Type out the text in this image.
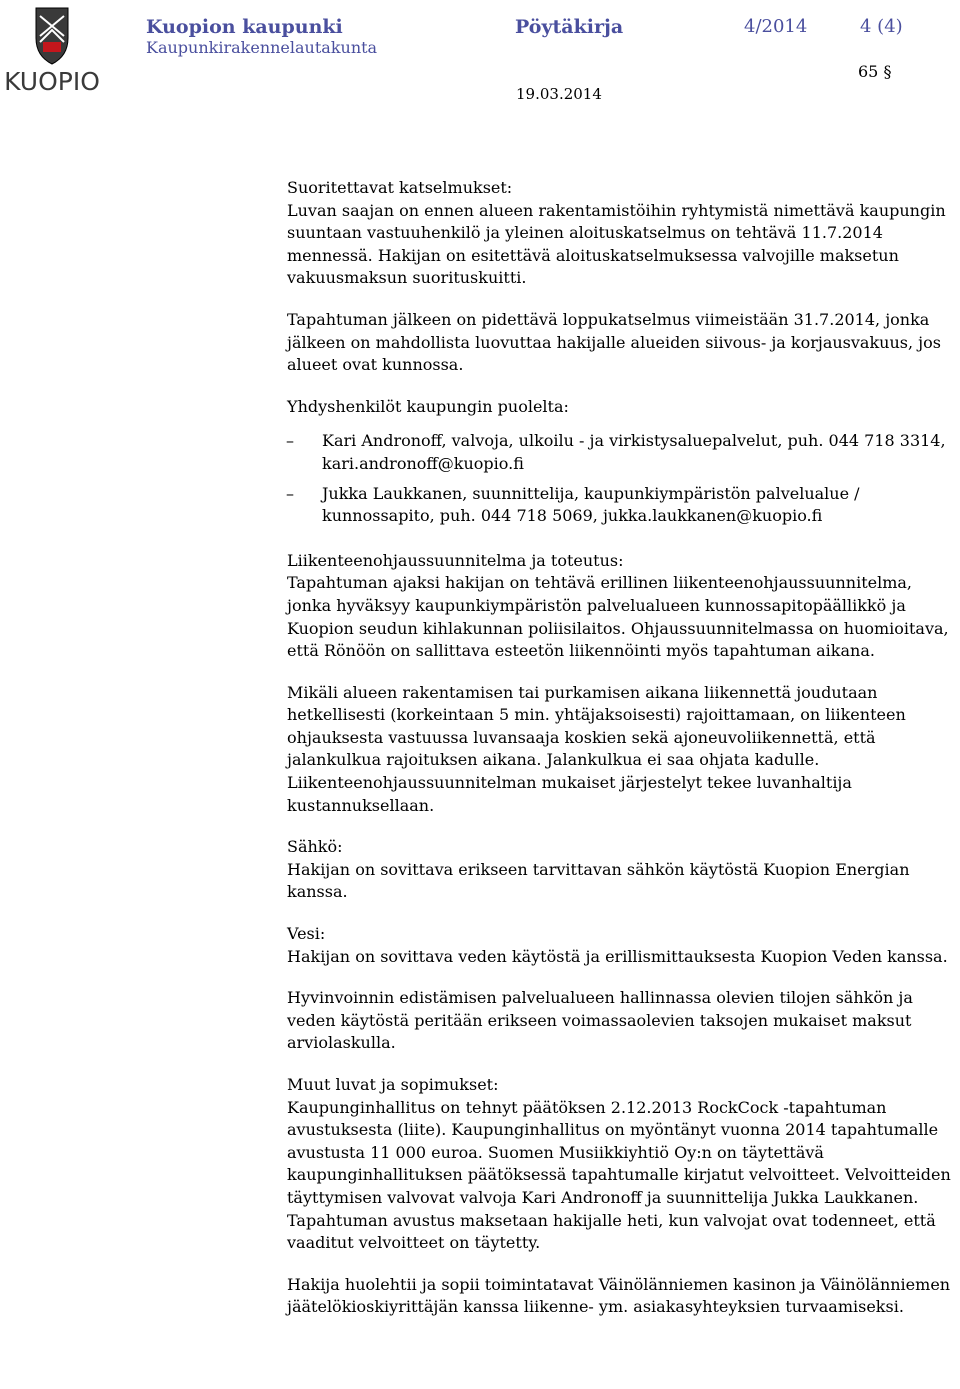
KUOPIO
Kuopion kaupunki
Kaupunkirakennelautakunta
Pöytäkirja	4/2014	4 (4)
65 §
19.03.2014

Suoritettavat katselmukset:
Luvan saajan on ennen alueen rakentamistöihin ryhtymistä nimettävä kaupungin suuntaan vastuuhenkilö ja yleinen aloituskatselmus on tehtävä 11.7.2014 mennessä. Hakijan on esitettävä aloituskatselmuksessa valvojille maksetun vakuusmaksun suorituskuitti.

Tapahtuman jälkeen on pidettävä loppukatselmus viimeistään 31.7.2014, jonka jälkeen on mahdollista luovuttaa hakijalle alueiden siivous- ja korjausvakuus, jos alueet ovat kunnossa.

Yhdyshenkilöt kaupungin puolelta:

– Kari Andronoff, valvoja, ulkoilu - ja virkistysaluepalvelut, puh. 044 718 3314, kari.andronoff@kuopio.fi
– Jukka Laukkanen, suunnittelija, kaupunkiympäristön palvelualue / kunnossapito, puh. 044 718 5069, jukka.laukkanen@kuopio.fi

Liikenteenohjaussuunnitelma ja toteutus:
Tapahtuman ajaksi hakijan on tehtävä erillinen liikenteenohjaussuunnitelma, jonka hyväksyy kaupunkiympäristön palvelualueen kunnossapitopäällikkö ja Kuopion seudun kihlakunnan poliisilaitos. Ohjaussuunnitelmassa on huomioitava, että Rönöön on sallittava esteetön liikennöinti myös tapahtuman aikana.

Mikäli alueen rakentamisen tai purkamisen aikana liikennettä joudutaan hetkellisesti (korkeintaan 5 min. yhtäjaksoisesti) rajoittamaan, on liikenteen ohjauksesta vastuussa luvansaaja koskien sekä ajoneuvoliikennettä, että jalankulkua rajoituksen aikana. Jalankulkua ei saa ohjata kadulle. Liikenteenohjaussuunnitelman mukaiset järjestelyt tekee luvanhaltija kustannuksellaan.

Sähkö:
Hakijan on sovittava erikseen tarvittavan sähkön käytöstä Kuopion Energian kanssa.

Vesi:
Hakijan on sovittava veden käytöstä ja erillismittauksesta Kuopion Veden kanssa.

Hyvinvoinnin edistämisen palvelualueen hallinnassa olevien tilojen sähkön ja veden käytöstä peritään erikseen voimassaolevien taksojen mukaiset maksut arviolaskulla.

Muut luvat ja sopimukset:
Kaupunginhallitus on tehnyt päätöksen 2.12.2013 RockCock -tapahtuman avustuksesta (liite). Kaupunginhallitus on myöntänyt vuonna 2014 tapahtumalle avustusta 11 000 euroa. Suomen Musiikkiyhtiö Oy:n on täytettävä kaupunginhallituksen päätöksessä tapahtumalle kirjatut velvoitteet. Velvoitteiden täyttymisen valvovat valvoja Kari Andronoff ja suunnittelija Jukka Laukkanen. Tapahtuman avustus maksetaan hakijalle heti, kun valvojat ovat todenneet, että vaaditut velvoitteet on täytetty.

Hakija huolehtii ja sopii toimintatavat Väinölänniemen kasinon ja Väinölänniemen jäätelökioskiyrittäjän kanssa liikenne- ym. asiakasyhteyksien turvaamiseksi.
